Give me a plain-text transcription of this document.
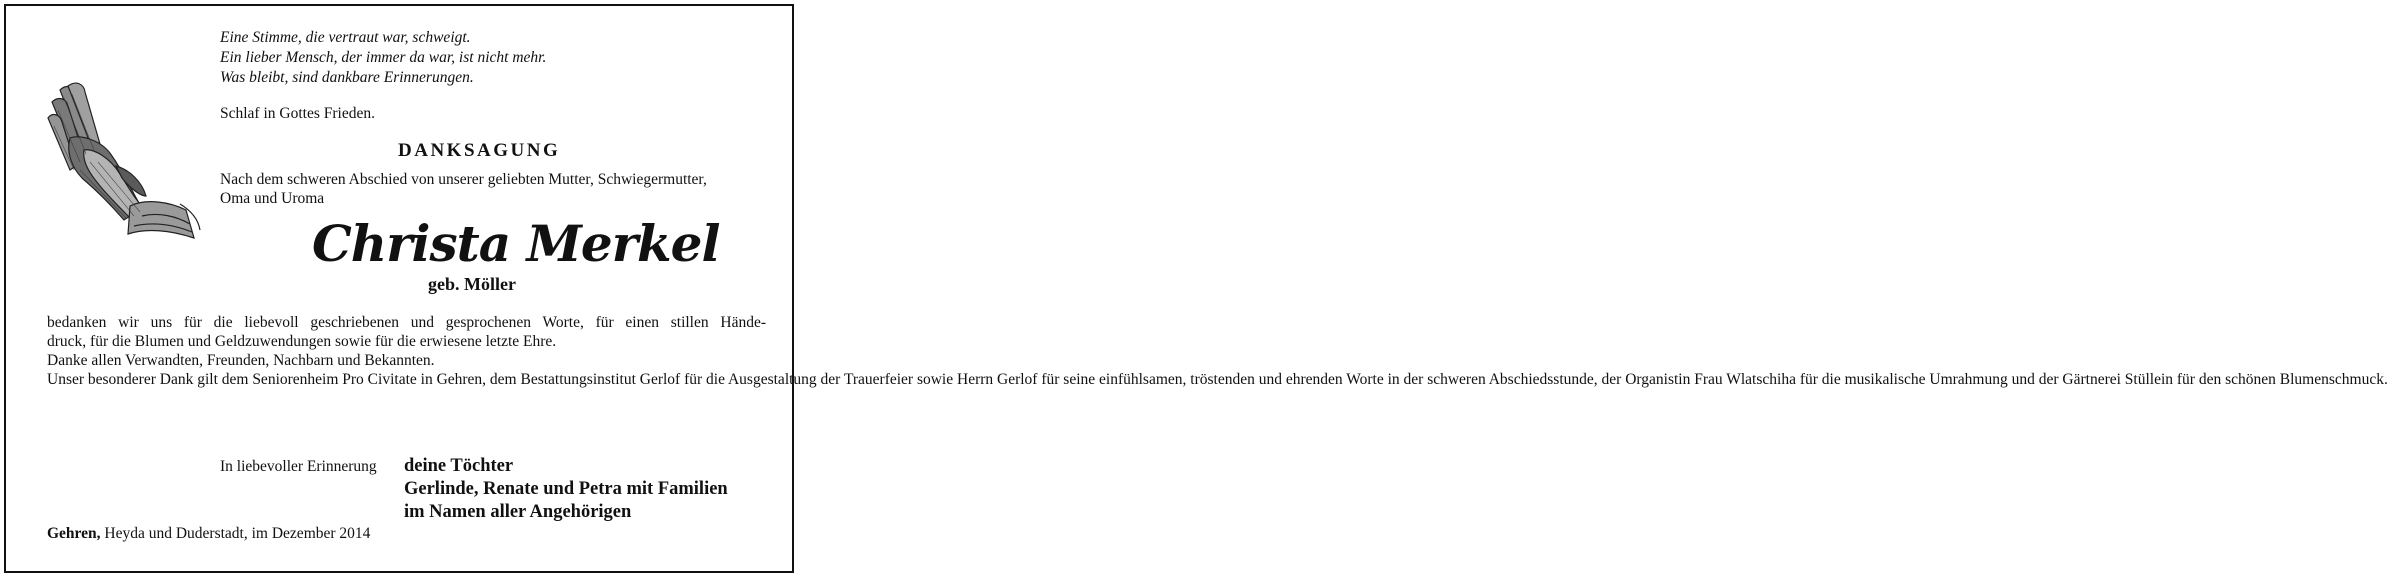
Eine Stimme, die vertraut war, schweigt.
Ein lieber Mensch, der immer da war, ist nicht mehr.
Was bleibt, sind dankbare Erinnerungen.
Schlaf in Gottes Frieden.
DANKSAGUNG
Nach dem schweren Abschied von unserer geliebten Mutter, Schwiegermutter,
Oma und Uroma
Christa Merkel
geb. Möller

bedanken wir uns für die liebevoll geschriebenen und gesprochenen Worte, für einen stillen Hände-

druck, für die Blumen und Geldzuwendungen sowie für die erwiesene letzte Ehre.

Danke allen Verwandten, Freunden, Nachbarn und Bekannten.

Unser besonderer Dank gilt dem Seniorenheim Pro Civitate in Gehren, dem Bestattungsinstitut Gerlof für die Ausgestaltung der Trauerfeier sowie Herrn Gerlof für seine einfühlsamen, tröstenden und ehrenden Worte in der schweren Abschiedsstunde, der Organistin Frau Wlatschiha für die musikalische Umrahmung und der Gärtnerei Stüllein für den schönen Blumenschmuck.

In liebevoller Erinnerung deine Töchter
Gerlinde, Renate und Petra mit Familien
im Namen aller Angehörigen
Gehren, Heyda und Duderstadt, im Dezember 2014
